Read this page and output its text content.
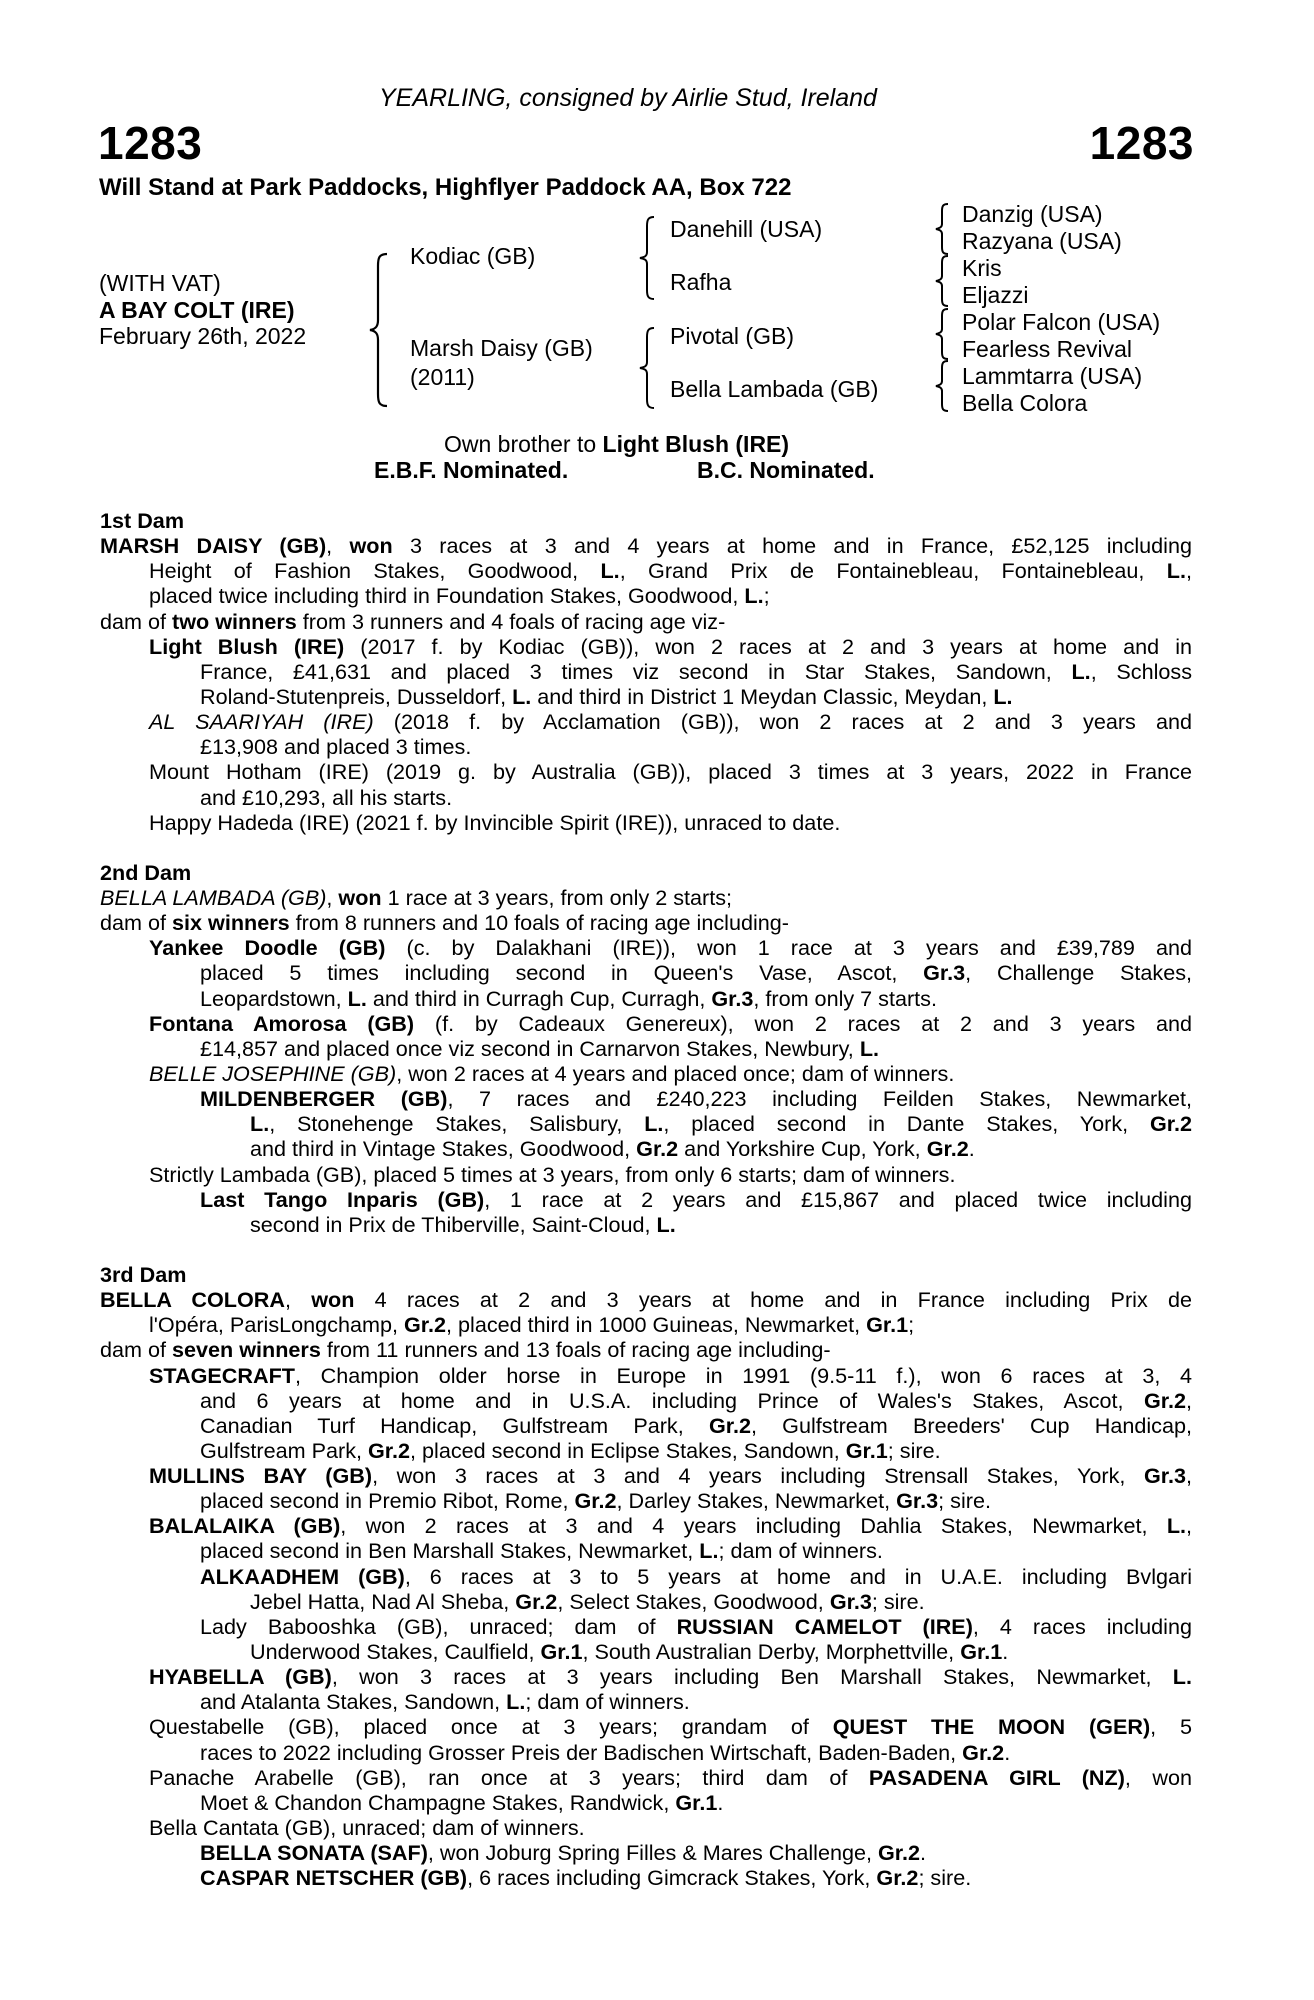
YEARLING, consigned by Airlie Stud, Ireland
1283	1283
Will Stand at Park Paddocks, Highflyer Paddock AA, Box 722
(WITH VAT)
A BAY COLT (IRE)
February 26th, 2022
Kodiac (GB)
Marsh Daisy (GB)
(2011)
Danehill (USA)
Rafha
Pivotal (GB)
Bella Lambada (GB)
Danzig (USA)
Razyana (USA)
Kris
Eljazzi
Polar Falcon (USA)
Fearless Revival
Lammtarra (USA)
Bella Colora
Own brother to Light Blush (IRE)
E.B.F. Nominated.	B.C. Nominated.
1st Dam
MARSH DAISY (GB), won 3 races at 3 and 4 years at home and in France, £52,125 including
Height of Fashion Stakes, Goodwood, L., Grand Prix de Fontainebleau, Fontainebleau, L.,
placed twice including third in Foundation Stakes, Goodwood, L.;
dam of two winners from 3 runners and 4 foals of racing age viz-
Light Blush (IRE) (2017 f. by Kodiac (GB)), won 2 races at 2 and 3 years at home and in
France, £41,631 and placed 3 times viz second in Star Stakes, Sandown, L., Schloss
Roland-Stutenpreis, Dusseldorf, L. and third in District 1 Meydan Classic, Meydan, L.
AL SAARIYAH (IRE) (2018 f. by Acclamation (GB)), won 2 races at 2 and 3 years and
£13,908 and placed 3 times.
Mount Hotham (IRE) (2019 g. by Australia (GB)), placed 3 times at 3 years, 2022 in France
and £10,293, all his starts.
Happy Hadeda (IRE) (2021 f. by Invincible Spirit (IRE)), unraced to date.
2nd Dam
BELLA LAMBADA (GB), won 1 race at 3 years, from only 2 starts;
dam of six winners from 8 runners and 10 foals of racing age including-
Yankee Doodle (GB) (c. by Dalakhani (IRE)), won 1 race at 3 years and £39,789 and
placed 5 times including second in Queen's Vase, Ascot, Gr.3, Challenge Stakes,
Leopardstown, L. and third in Curragh Cup, Curragh, Gr.3, from only 7 starts.
Fontana Amorosa (GB) (f. by Cadeaux Genereux), won 2 races at 2 and 3 years and
£14,857 and placed once viz second in Carnarvon Stakes, Newbury, L.
BELLE JOSEPHINE (GB), won 2 races at 4 years and placed once; dam of winners.
MILDENBERGER (GB), 7 races and £240,223 including Feilden Stakes, Newmarket,
L., Stonehenge Stakes, Salisbury, L., placed second in Dante Stakes, York, Gr.2
and third in Vintage Stakes, Goodwood, Gr.2 and Yorkshire Cup, York, Gr.2.
Strictly Lambada (GB), placed 5 times at 3 years, from only 6 starts; dam of winners.
Last Tango Inparis (GB), 1 race at 2 years and £15,867 and placed twice including
second in Prix de Thiberville, Saint-Cloud, L.
3rd Dam
BELLA COLORA, won 4 races at 2 and 3 years at home and in France including Prix de
l'Opéra, ParisLongchamp, Gr.2, placed third in 1000 Guineas, Newmarket, Gr.1;
dam of seven winners from 11 runners and 13 foals of racing age including-
STAGECRAFT, Champion older horse in Europe in 1991 (9.5-11 f.), won 6 races at 3, 4
and 6 years at home and in U.S.A. including Prince of Wales's Stakes, Ascot, Gr.2,
Canadian Turf Handicap, Gulfstream Park, Gr.2, Gulfstream Breeders' Cup Handicap,
Gulfstream Park, Gr.2, placed second in Eclipse Stakes, Sandown, Gr.1; sire.
MULLINS BAY (GB), won 3 races at 3 and 4 years including Strensall Stakes, York, Gr.3,
placed second in Premio Ribot, Rome, Gr.2, Darley Stakes, Newmarket, Gr.3; sire.
BALALAIKA (GB), won 2 races at 3 and 4 years including Dahlia Stakes, Newmarket, L.,
placed second in Ben Marshall Stakes, Newmarket, L.; dam of winners.
ALKAADHEM (GB), 6 races at 3 to 5 years at home and in U.A.E. including Bvlgari
Jebel Hatta, Nad Al Sheba, Gr.2, Select Stakes, Goodwood, Gr.3; sire.
Lady Babooshka (GB), unraced; dam of RUSSIAN CAMELOT (IRE), 4 races including
Underwood Stakes, Caulfield, Gr.1, South Australian Derby, Morphettville, Gr.1.
HYABELLA (GB), won 3 races at 3 years including Ben Marshall Stakes, Newmarket, L.
and Atalanta Stakes, Sandown, L.; dam of winners.
Questabelle (GB), placed once at 3 years; grandam of QUEST THE MOON (GER), 5
races to 2022 including Grosser Preis der Badischen Wirtschaft, Baden-Baden, Gr.2.
Panache Arabelle (GB), ran once at 3 years; third dam of PASADENA GIRL (NZ), won
Moet & Chandon Champagne Stakes, Randwick, Gr.1.
Bella Cantata (GB), unraced; dam of winners.
BELLA SONATA (SAF), won Joburg Spring Filles & Mares Challenge, Gr.2.
CASPAR NETSCHER (GB), 6 races including Gimcrack Stakes, York, Gr.2; sire.
